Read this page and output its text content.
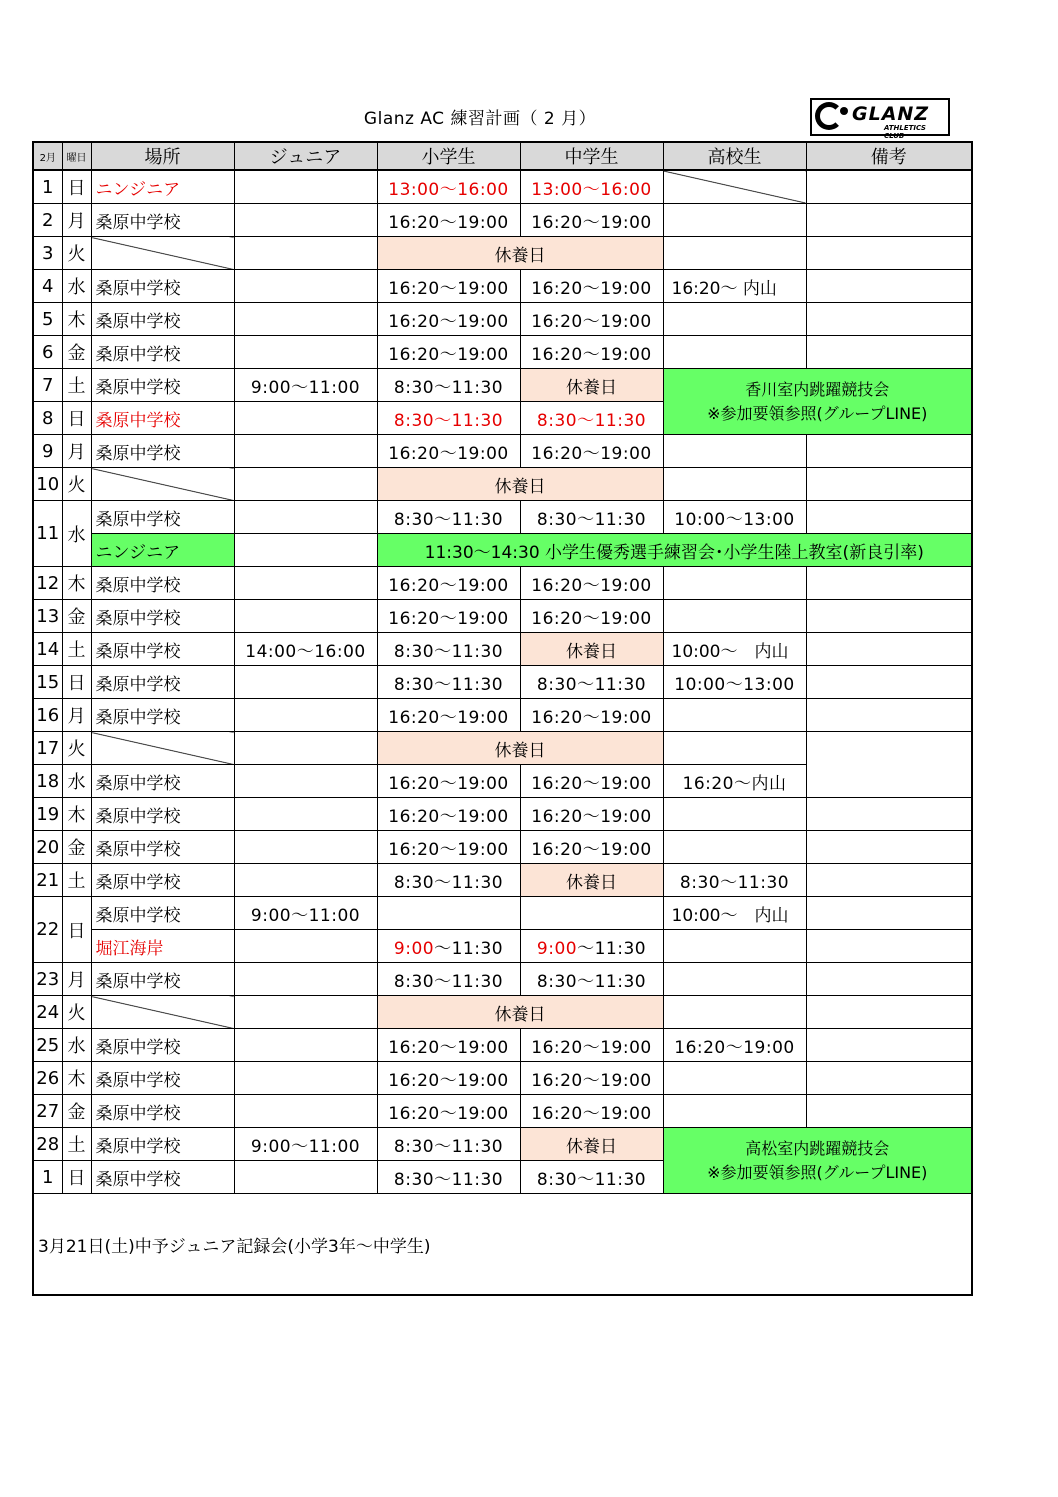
Glanz AC 練習計画（ 2 月）	GLANZ
ATHLETICS CLUB
2月	曜日	場所	ジュニア	小学生	中学生	高校生	備考
1	日	ニンジニア		13:00～16:00	13:00～16:00		
2	月	桑原中学校		16:20～19:00	16:20～19:00		
3	火			休養日			
4	水	桑原中学校		16:20～19:00	16:20～19:00	16:20～ 内山	
5	木	桑原中学校		16:20～19:00	16:20～19:00		
6	金	桑原中学校		16:20～19:00	16:20～19:00		
7	土	桑原中学校	9:00～11:00	8:30～11:30	休養日	香川室内跳躍競技会
※参加要領参照(グループLINE)	

8	日	桑原中学校		8:30～11:30	8:30～11:30		
9	月	桑原中学校		16:20～19:00	16:20～19:00		
10	火			休養日			
11	水	桑原中学校		8:30～11:30	8:30～11:30	10:00～13:00	
		ニンジニア		11:30～14:30 小学生優秀選手練習会･小学生陸上教室(新良引率)			
12	木	桑原中学校		16:20～19:00	16:20～19:00		
13	金	桑原中学校		16:20～19:00	16:20～19:00		
14	土	桑原中学校	14:00～16:00	8:30～11:30	休養日	10:00～　内山	
15	日	桑原中学校		8:30～11:30	8:30～11:30	10:00～13:00	
16	月	桑原中学校		16:20～19:00	16:20～19:00		
17	火			休養日			
18	水	桑原中学校		16:20～19:00	16:20～19:00	16:20～内山	
19	木	桑原中学校		16:20～19:00	16:20～19:00		
20	金	桑原中学校		16:20～19:00	16:20～19:00		
21	土	桑原中学校		8:30～11:30	休養日	8:30～11:30	
22	日	桑原中学校	9:00～11:00			10:00～　内山	
		堀江海岸		9:00～11:30	9:00～11:30		
23	月	桑原中学校		8:30～11:30	8:30～11:30		
24	火			休養日			
25	水	桑原中学校		16:20～19:00	16:20～19:00	16:20～19:00	
26	木	桑原中学校		16:20～19:00	16:20～19:00		
27	金	桑原中学校		16:20～19:00	16:20～19:00		
28	土	桑原中学校	9:00～11:00	8:30～11:30	休養日	高松室内跳躍競技会
※参加要領参照(グループLINE)	

1	日	桑原中学校		8:30～11:30	8:30～11:30		
3月21日(土)中予ジュニア記録会(小学3年～中学生)							
